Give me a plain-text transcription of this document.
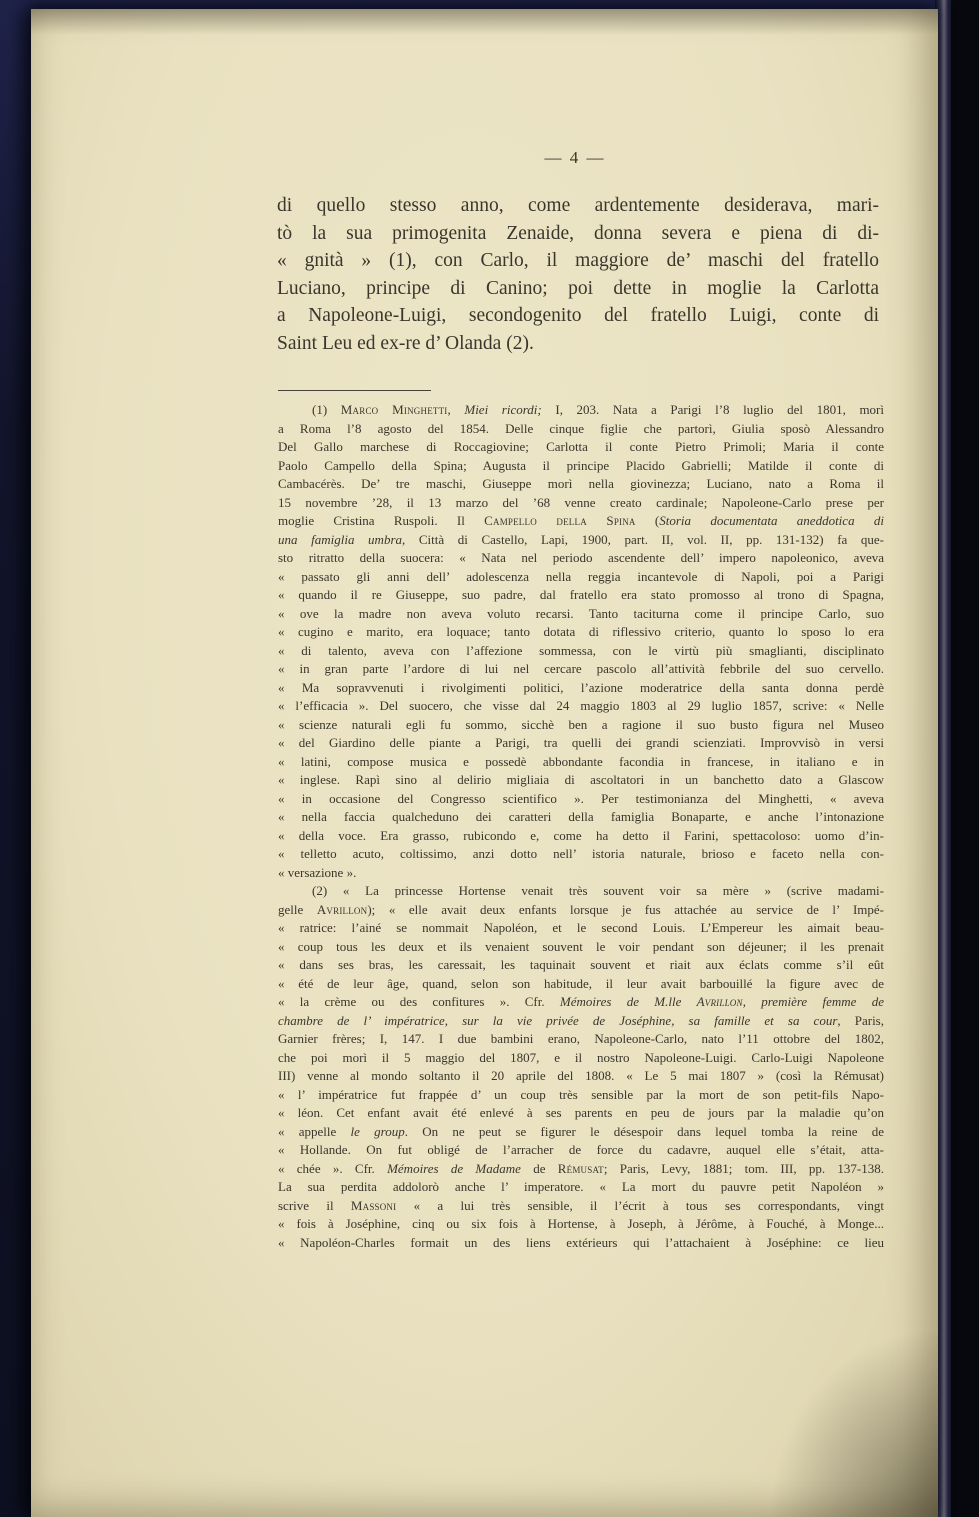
— 4 —
di quello stesso anno, come ardentemente desiderava, mari-
tò la sua primogenita Zenaide, donna severa e piena di di-
« gnità » (1), con Carlo, il maggiore de’ maschi del fratello
Luciano, principe di Canino; poi dette in moglie la Carlotta
a Napoleone-Luigi, secondogenito del fratello Luigi, conte di
Saint Leu ed ex-re d’ Olanda (2).
(1) Marco Minghetti, Miei ricordi; I, 203. Nata a Parigi l’8 luglio del 1801, morì
a Roma l’8 agosto del 1854. Delle cinque figlie che partorì, Giulia sposò Alessandro
Del Gallo marchese di Roccagiovine; Carlotta il conte Pietro Primoli; Maria il conte
Paolo Campello della Spina; Augusta il principe Placido Gabrielli; Matilde il conte di
Cambacérès. De’ tre maschi, Giuseppe morì nella giovinezza; Luciano, nato a Roma il
15 novembre ’28, il 13 marzo del ’68 venne creato cardinale; Napoleone-Carlo prese per
moglie Cristina Ruspoli. Il Campello della Spina (Storia documentata aneddotica di
una famiglia umbra, Città di Castello, Lapi, 1900, part. II, vol. II, pp. 131-132) fa que-
sto ritratto della suocera: « Nata nel periodo ascendente dell’ impero napoleonico, aveva
« passato gli anni dell’ adolescenza nella reggia incantevole di Napoli, poi a Parigi
« quando il re Giuseppe, suo padre, dal fratello era stato promosso al trono di Spagna,
« ove la madre non aveva voluto recarsi. Tanto taciturna come il principe Carlo, suo
« cugino e marito, era loquace; tanto dotata di riflessivo criterio, quanto lo sposo lo era
« di talento, aveva con l’affezione sommessa, con le virtù più smaglianti, disciplinato
« in gran parte l’ardore di lui nel cercare pascolo all’attività febbrile del suo cervello.
« Ma sopravvenuti i rivolgimenti politici, l’azione moderatrice della santa donna perdè
« l’efficacia ». Del suocero, che visse dal 24 maggio 1803 al 29 luglio 1857, scrive: « Nelle
« scienze naturali egli fu sommo, sicchè ben a ragione il suo busto figura nel Museo
« del Giardino delle piante a Parigi, tra quelli dei grandi scienziati. Improvvisò in versi
« latini, compose musica e possedè abbondante facondia in francese, in italiano e in
« inglese. Rapì sino al delirio migliaia di ascoltatori in un banchetto dato a Glascow
« in occasione del Congresso scientifico ». Per testimonianza del Minghetti, « aveva
« nella faccia qualcheduno dei caratteri della famiglia Bonaparte, e anche l’intonazione
« della voce. Era grasso, rubicondo e, come ha detto il Farini, spettacoloso: uomo d’in-
« telletto acuto, coltissimo, anzi dotto nell’ istoria naturale, brioso e faceto nella con-
« versazione ».
(2) « La princesse Hortense venait très souvent voir sa mère » (scrive madami-
gelle Avrillon); « elle avait deux enfants lorsque je fus attachée au service de l’ Impé-
« ratrice: l’ainé se nommait Napoléon, et le second Louis. L’Empereur les aimait beau-
« coup tous les deux et ils venaient souvent le voir pendant son déjeuner; il les prenait
« dans ses bras, les caressait, les taquinait souvent et riait aux éclats comme s’il eût
« été de leur âge, quand, selon son habitude, il leur avait barbouillé la figure avec de
« la crème ou des confitures ». Cfr. Mémoires de M.lle Avrillon, première femme de
chambre de l’ impératrice, sur la vie privée de Joséphine, sa famille et sa cour, Paris,
Garnier frères; I, 147. I due bambini erano, Napoleone-Carlo, nato l’11 ottobre del 1802,
che poi morì il 5 maggio del 1807, e il nostro Napoleone-Luigi. Carlo-Luigi Napoleone
III) venne al mondo soltanto il 20 aprile del 1808. « Le 5 mai 1807 » (così la Rémusat)
« l’ impératrice fut frappée d’ un coup très sensible par la mort de son petit-fils Napo-
« léon. Cet enfant avait été enlevé à ses parents en peu de jours par la maladie qu’on
« appelle le group. On ne peut se figurer le désespoir dans lequel tomba la reine de
« Hollande. On fut obligé de l’arracher de force du cadavre, auquel elle s’était, atta-
« chée ». Cfr. Mémoires de Madame de Rémusat; Paris, Levy, 1881; tom. III, pp. 137-138.
La sua perdita addolorò anche l’ imperatore. « La mort du pauvre petit Napoléon »
scrive il Massoni « a lui très sensible, il l’écrit à tous ses correspondants, vingt
« fois à Joséphine, cinq ou six fois à Hortense, à Joseph, à Jérôme, à Fouché, à Monge...
« Napoléon-Charles formait un des liens extérieurs qui l’attachaient à Joséphine: ce lieu
